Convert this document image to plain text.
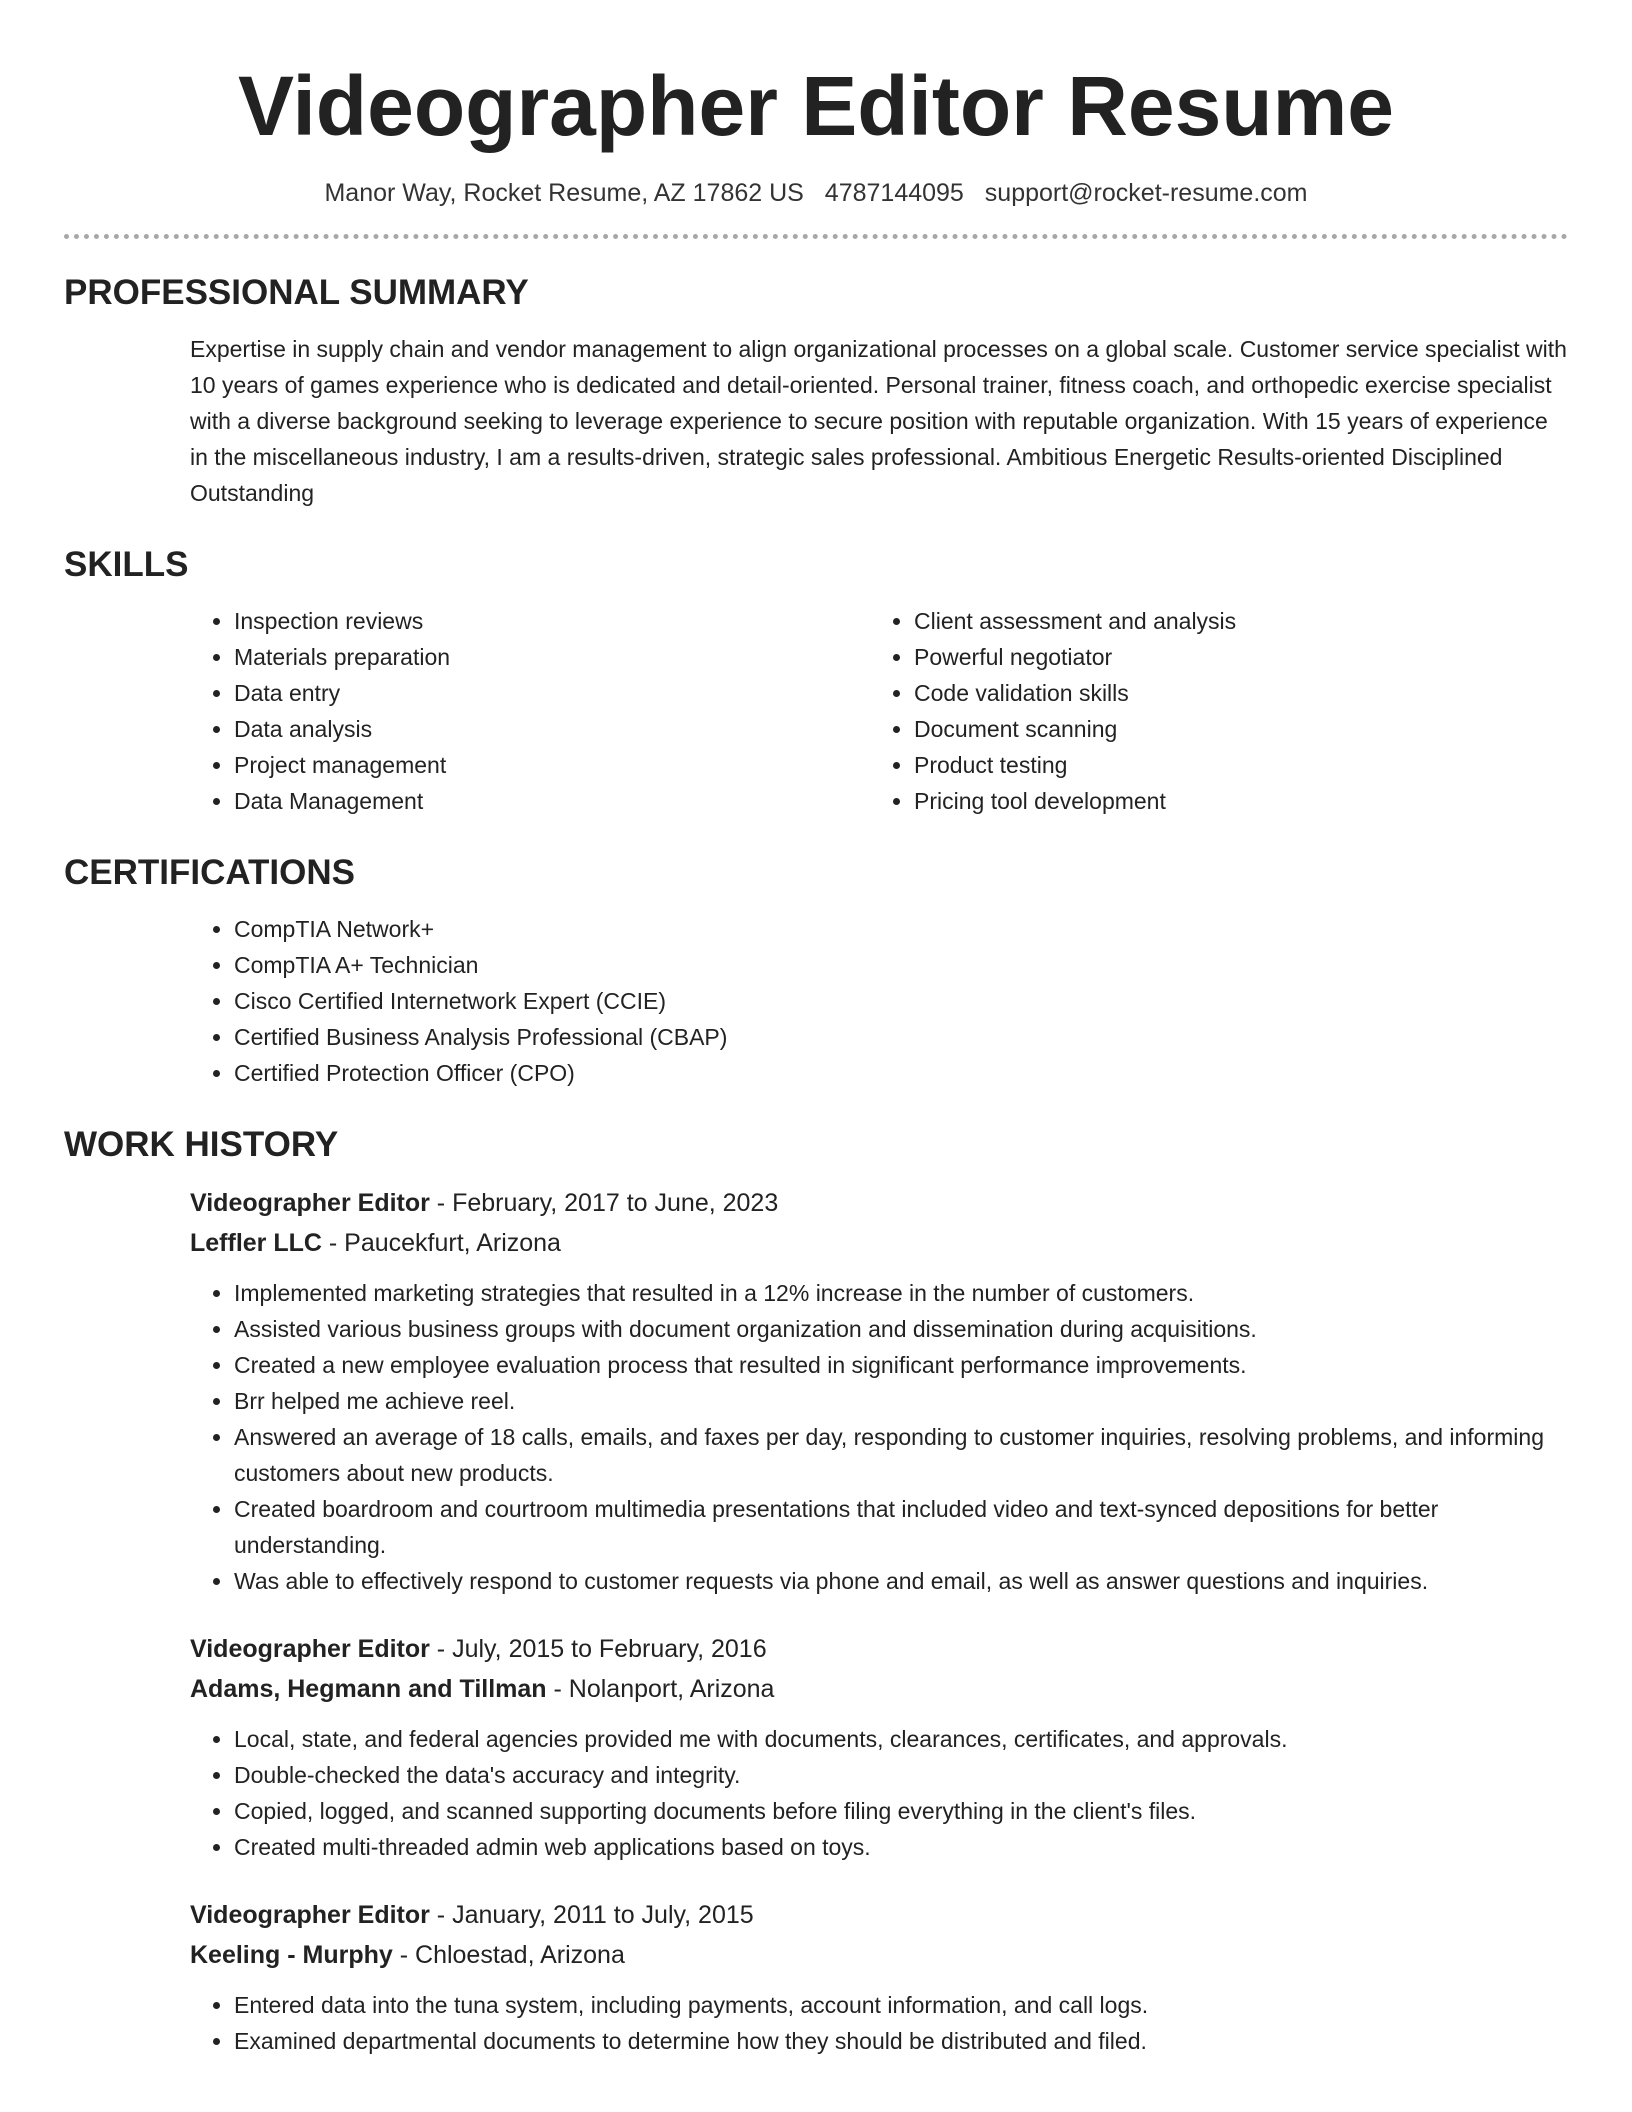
Videographer Editor Resume
Manor Way, Rocket Resume, AZ 17862 US 4787144095 support@rocket-resume.com
PROFESSIONAL SUMMARY

Expertise in supply chain and vendor management to align organizational processes on a global scale. Customer service specialist with 10 years of games experience who is dedicated and detail-oriented. Personal trainer, fitness coach, and orthopedic exercise specialist with a diverse background seeking to leverage experience to secure position with reputable organization. With 15 years of experience in the miscellaneous industry, I am a results-driven, strategic sales professional. Ambitious Energetic Results-oriented Disciplined Outstanding

SKILLS
• Inspection reviews
• Materials preparation
• Data entry
• Data analysis
• Project management
• Data Management
• Client assessment and analysis
• Powerful negotiator
• Code validation skills
• Document scanning
• Product testing
• Pricing tool development
CERTIFICATIONS
• CompTIA Network+
• CompTIA A+ Technician
• Cisco Certified Internetwork Expert (CCIE)
• Certified Business Analysis Professional (CBAP)
• Certified Protection Officer (CPO)
WORK HISTORY
Videographer Editor - February, 2017 to June, 2023
Leffler LLC - Paucekfurt, Arizona
• Implemented marketing strategies that resulted in a 12% increase in the number of customers.
• Assisted various business groups with document organization and dissemination during acquisitions.
• Created a new employee evaluation process that resulted in significant performance improvements.
• Brr helped me achieve reel.
• Answered an average of 18 calls, emails, and faxes per day, responding to customer inquiries, resolving problems, and informing customers about new products.
• Created boardroom and courtroom multimedia presentations that included video and text-synced depositions for better understanding.
• Was able to effectively respond to customer requests via phone and email, as well as answer questions and inquiries.
Videographer Editor - July, 2015 to February, 2016
Adams, Hegmann and Tillman - Nolanport, Arizona
• Local, state, and federal agencies provided me with documents, clearances, certificates, and approvals.
• Double-checked the data's accuracy and integrity.
• Copied, logged, and scanned supporting documents before filing everything in the client's files.
• Created multi-threaded admin web applications based on toys.
Videographer Editor - January, 2011 to July, 2015
Keeling - Murphy - Chloestad, Arizona
• Entered data into the tuna system, including payments, account information, and call logs.
• Examined departmental documents to determine how they should be distributed and filed.
